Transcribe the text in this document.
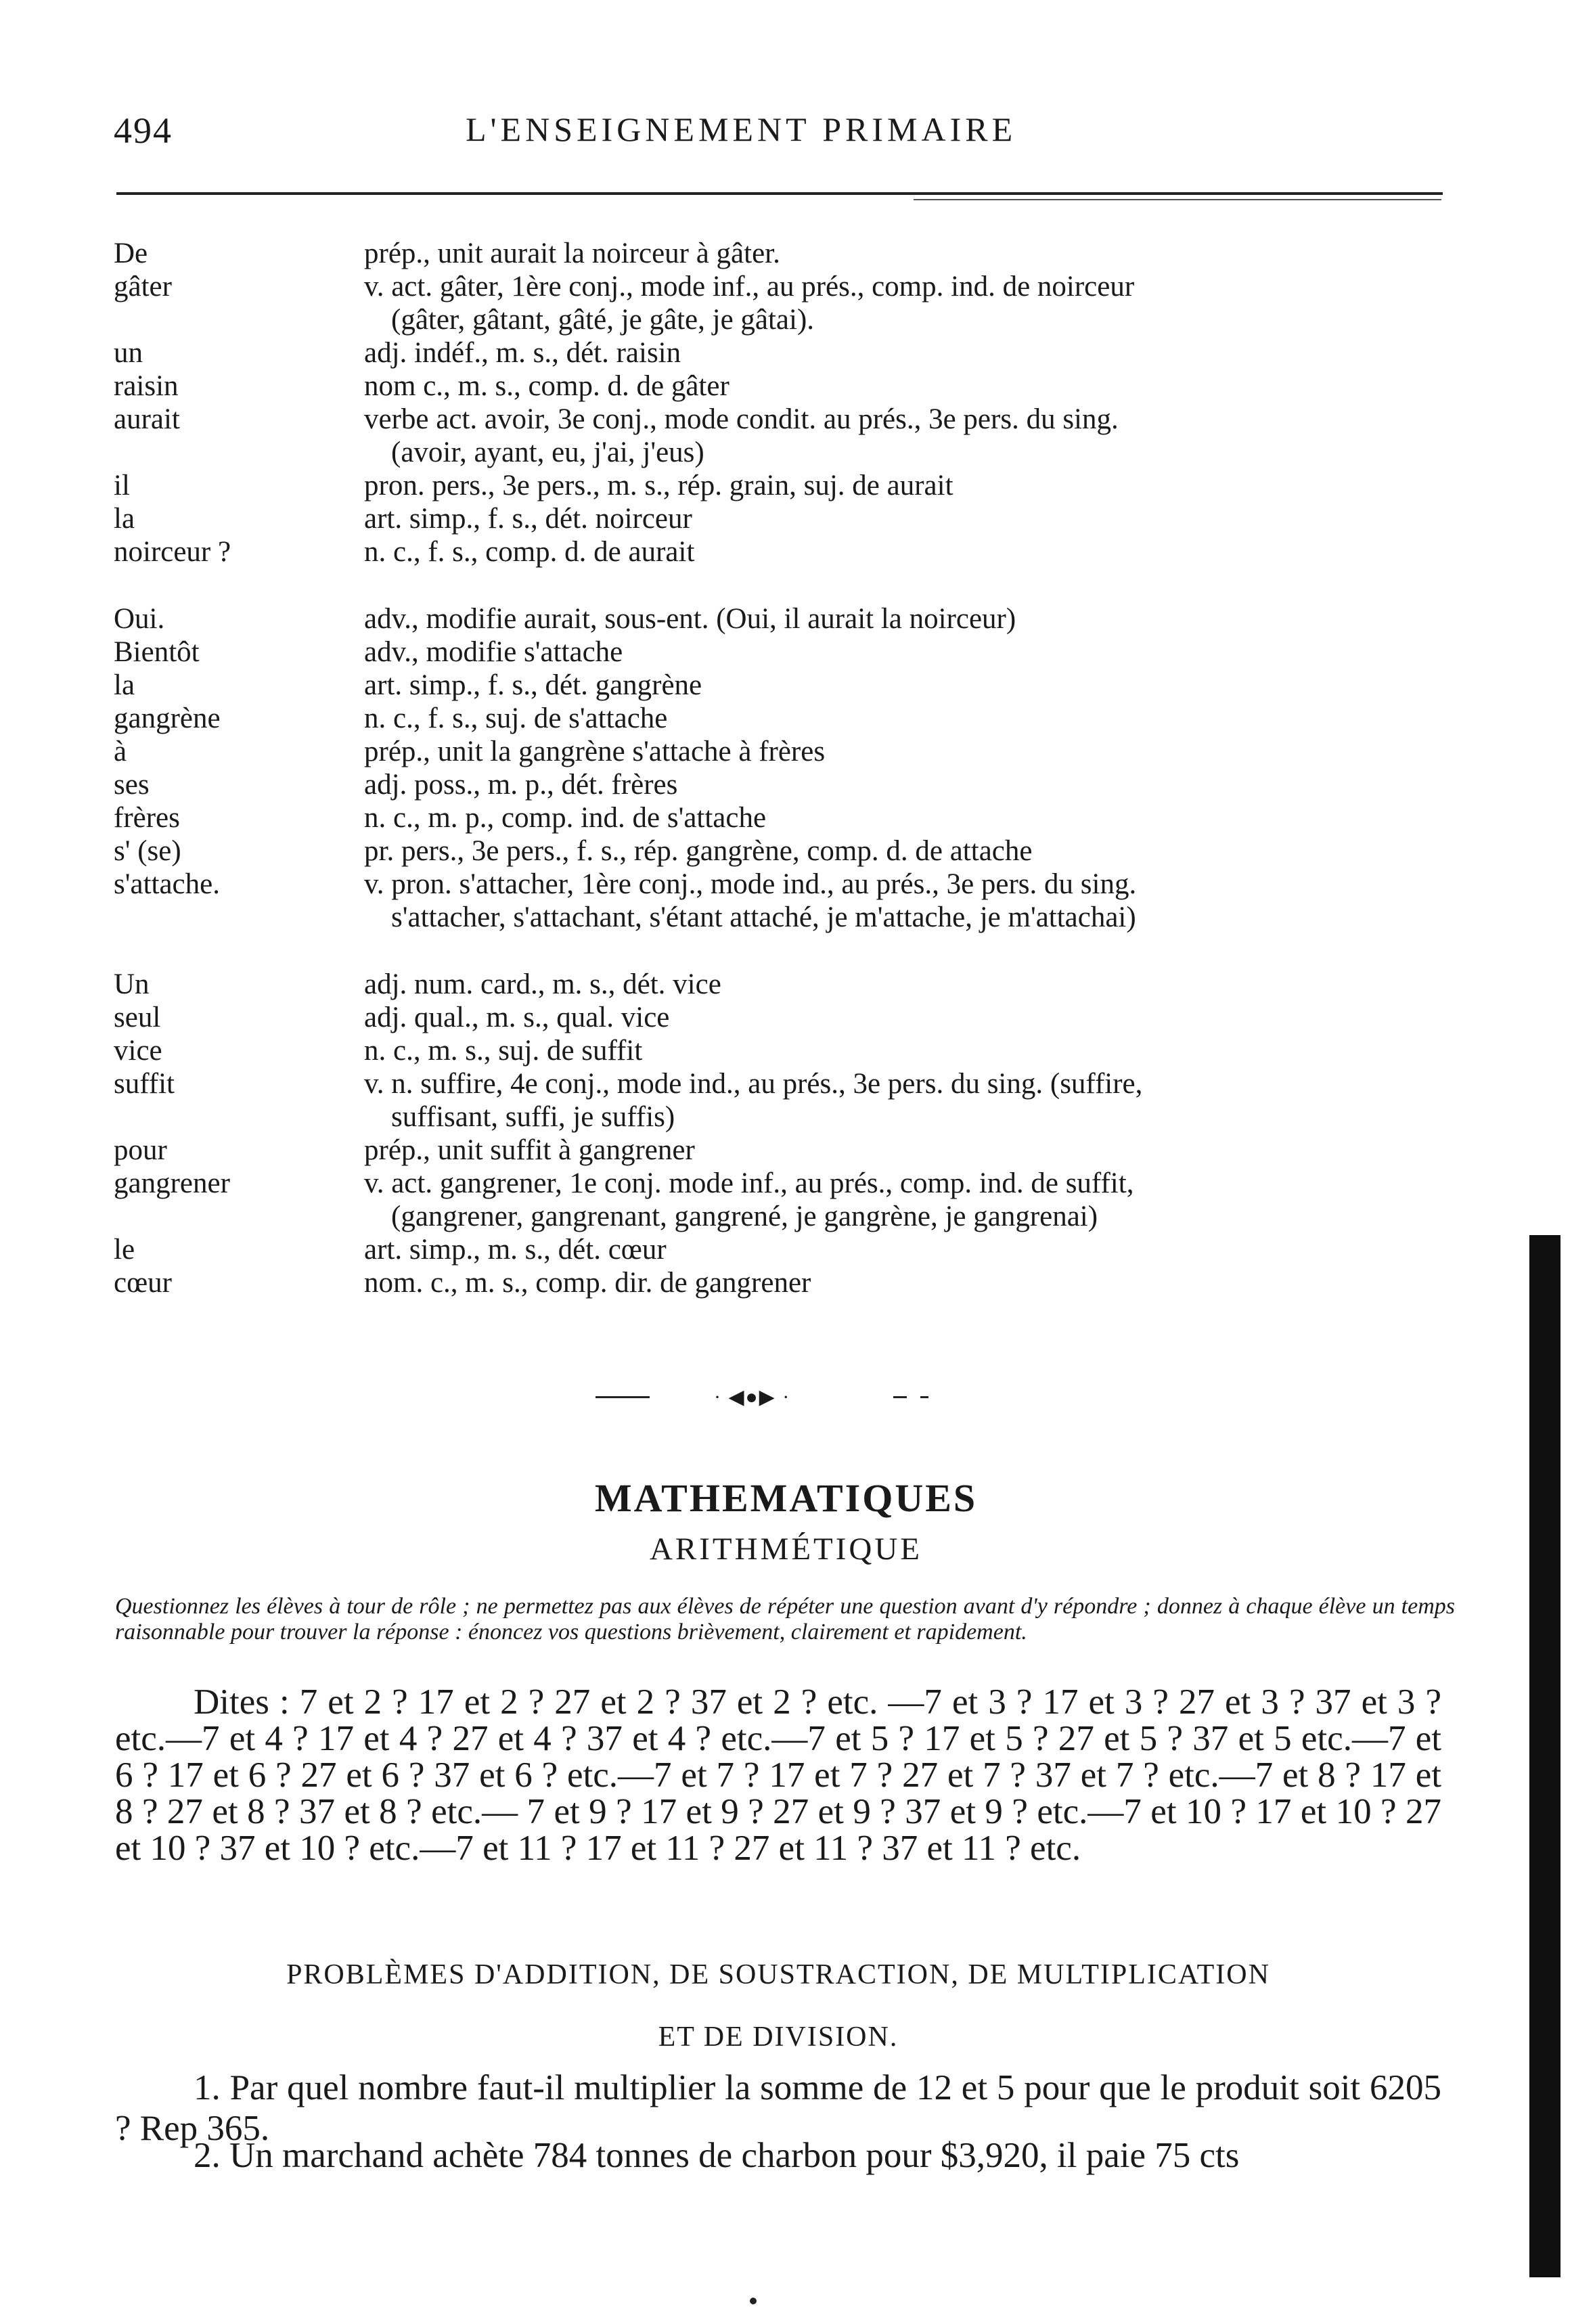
494	L'ENSEIGNEMENT PRIMAIRE
De	prép., unit aurait la noirceur à gâter.
gâter	v. act. gâter, 1ère conj., mode inf., au prés., comp. ind. de noirceur
(gâter, gâtant, gâté, je gâte, je gâtai).
un	adj. indéf., m. s., dét. raisin
raisin	nom c., m. s., comp. d. de gâter
aurait	verbe act. avoir, 3e conj., mode condit. au prés., 3e pers. du sing.
(avoir, ayant, eu, j'ai, j'eus)
il	pron. pers., 3e pers., m. s., rép. grain, suj. de aurait
la	art. simp., f. s., dét. noirceur
noirceur ?	n. c., f. s., comp. d. de aurait
Oui.	adv., modifie aurait, sous-ent. (Oui, il aurait la noirceur)
Bientôt	adv., modifie s'attache
la	art. simp., f. s., dét. gangrène
gangrène	n. c., f. s., suj. de s'attache
à	prép., unit la gangrène s'attache à frères
ses	adj. poss., m. p., dét. frères
frères	n. c., m. p., comp. ind. de s'attache
s' (se)	pr. pers., 3e pers., f. s., rép. gangrène, comp. d. de attache
s'attache.	v. pron. s'attacher, 1ère conj., mode ind., au prés., 3e pers. du sing.
s'attacher, s'attachant, s'étant attaché, je m'attache, je m'attachai)
Un	adj. num. card., m. s., dét. vice
seul	adj. qual., m. s., qual. vice
vice	n. c., m. s., suj. de suffit
suffit	v. n. suffire, 4e conj., mode ind., au prés., 3e pers. du sing. (suffire,
suffisant, suffi, je suffis)
pour	prép., unit suffit à gangrener
gangrener	v. act. gangrener, 1e conj. mode inf., au prés., comp. ind. de suffit,
(gangrener, gangrenant, gangrené, je gangrène, je gangrenai)
le	art. simp., m. s., dét. cœur
cœur	nom. c., m. s., comp. dir. de gangrener
· ◀●▶ ·
MATHEMATIQUES
ARITHMÉTIQUE
Questionnez les élèves à tour de rôle ; ne permettez pas aux élèves de répéter une question avant d'y répondre ; donnez à chaque élève un temps raisonnable pour trouver la réponse : énoncez vos questions brièvement, clairement et rapidement.
Dites : 7 et 2 ? 17 et 2 ? 27 et 2 ? 37 et 2 ? etc. —7 et 3 ? 17 et 3 ? 27 et 3 ? 37 et 3 ? etc.—7 et 4 ? 17 et 4 ? 27 et 4 ? 37 et 4 ? etc.—7 et 5 ? 17 et 5 ? 27 et 5 ? 37 et 5 etc.—7 et 6 ? 17 et 6 ? 27 et 6 ? 37 et 6 ? etc.—7 et 7 ? 17 et 7 ? 27 et 7 ? 37 et 7 ? etc.—7 et 8 ? 17 et 8 ? 27 et 8 ? 37 et 8 ? etc.— 7 et 9 ? 17 et 9 ? 27 et 9 ? 37 et 9 ? etc.—7 et 10 ? 17 et 10 ? 27 et 10 ? 37 et 10 ? etc.—7 et 11 ? 17 et 11 ? 27 et 11 ? 37 et 11 ? etc.
PROBLÈMES D'ADDITION, DE SOUSTRACTION, DE MULTIPLICATION
ET DE DIVISION.
1. Par quel nombre faut-il multiplier la somme de 12 et 5 pour que le produit soit 6205 ? Rep 365.
2. Un marchand achète 784 tonnes de charbon pour $3,920, il paie 75 cts
